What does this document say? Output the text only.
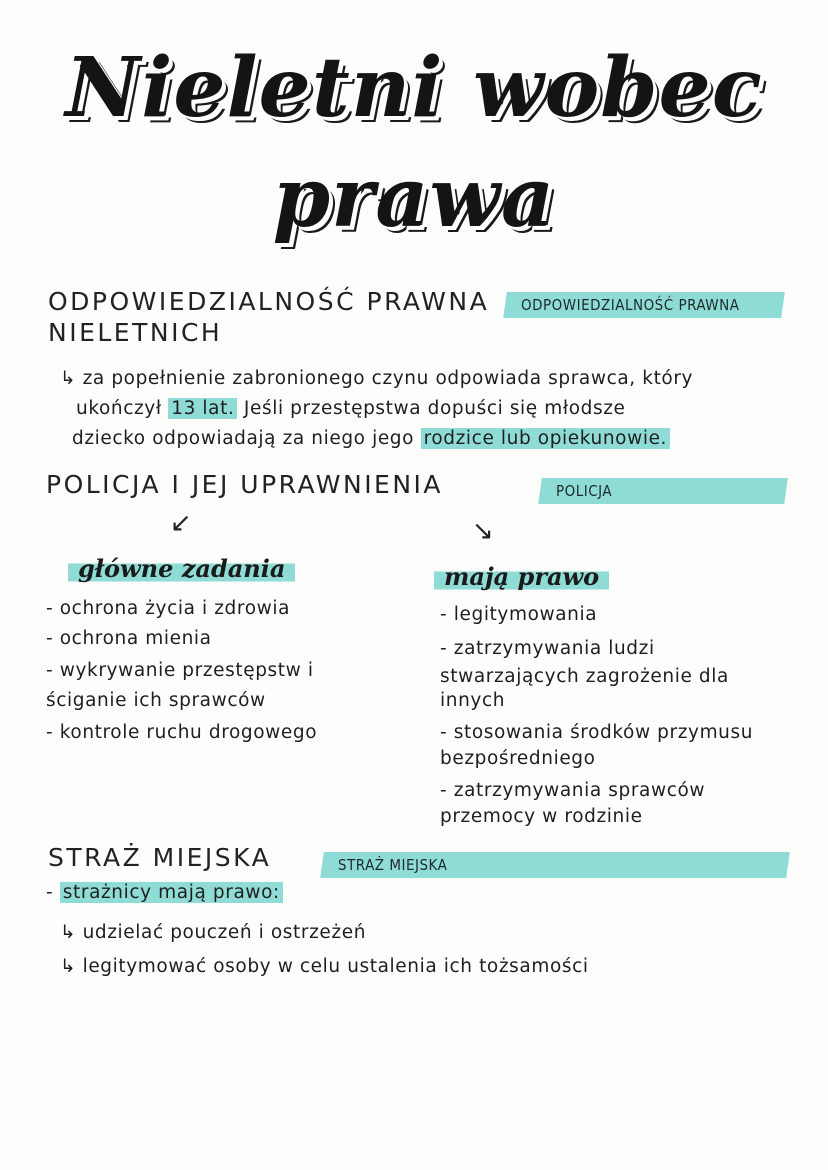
Nieletni wobec
prawa
ODPOWIEDZIALNOŚĆ PRAWNA
NIELETNICH
ODPOWIEDZIALNOŚĆ PRAWNA
↳ za popełnienie zabronionego czynu odpowiada sprawca, który
ukończył 13 lat. Jeśli przestępstwa dopuści się młodsze
dziecko odpowiadają za niego jego rodzice lub opiekunowie.
POLICJA I JEJ UPRAWNIENIA	POLICJA
↙	↘
główne zadania	mają prawo
- ochrona życia i zdrowia
- ochrona mienia
- wykrywanie przestępstw i
ściganie ich sprawców
- kontrole ruchu drogowego
- legitymowania
- zatrzymywania ludzi
stwarzających zagrożenie dla
innych
- stosowania środków przymusu
bezpośredniego
- zatrzymywania sprawców
przemocy w rodzinie
STRAŻ MIEJSKA	STRAŻ MIEJSKA
- strażnicy mają prawo:
↳ udzielać pouczeń i ostrzeżeń
↳ legitymować osoby w celu ustalenia ich tożsamości
